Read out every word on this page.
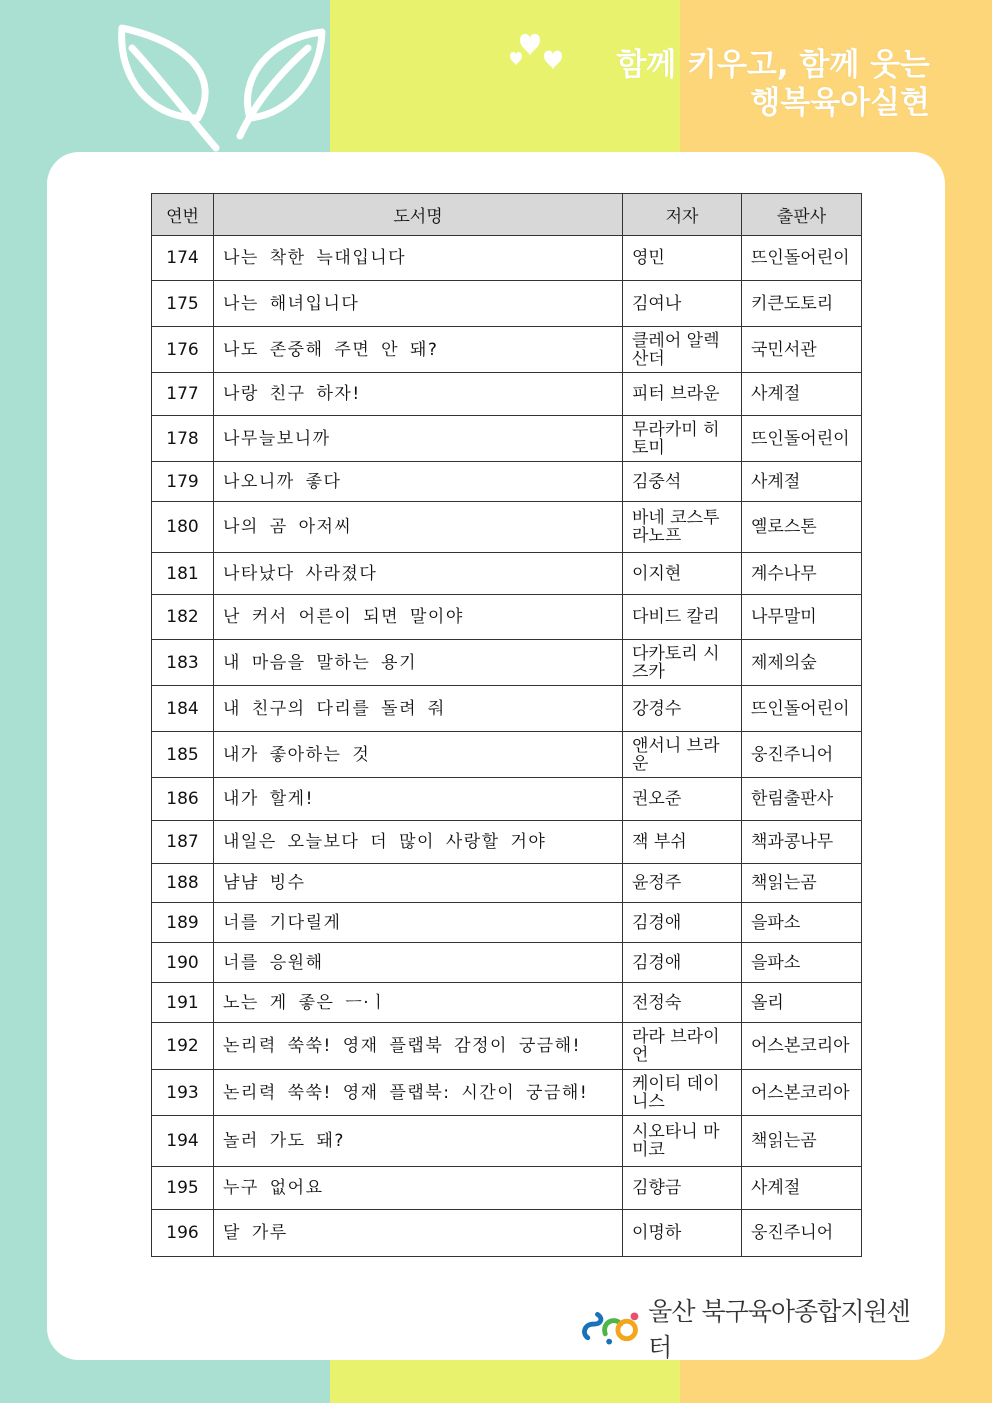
함께 키우고, 함께 웃는
행복육아실현
연번	도서명	저자	출판사
174	나는 착한 늑대입니다	영민	뜨인돌어린이
175	나는 해녀입니다	김여나	키큰도토리
176	나도 존중해 주면 안 돼?	클레어 알렉산더	국민서관
177	나랑 친구 하자!	피터 브라운	사계절
178	나무늘보니까	무라카미 히토미	뜨인돌어린이
179	나오니까 좋다	김중석	사계절
180	나의 곰 아저씨	바네 코스투라노프	옐로스톤
181	나타났다 사라졌다	이지현	계수나무
182	난 커서 어른이 되면 말이야	다비드 칼리	나무말미
183	내 마음을 말하는 용기	다카토리 시즈카	제제의숲
184	내 친구의 다리를 돌려 줘	강경수	뜨인돌어린이
185	내가 좋아하는 것	앤서니 브라운	웅진주니어
186	내가 할게!	권오준	한림출판사
187	내일은 오늘보다 더 많이 사랑할 거야	잭 부쉬	책과콩나무
188	냠냠 빙수	윤정주	책읽는곰
189	너를 기다릴게	김경애	을파소
190	너를 응원해	김경애	을파소
191	노는 게 좋은 ㅡ·ㅣ	전정숙	올리
192	논리력 쑥쑥! 영재 플랩북 감정이 궁금해!	라라 브라이언	어스본코리아
193	논리력 쑥쑥! 영재 플랩북: 시간이 궁금해!	케이티 데이니스	어스본코리아
194	놀러 가도 돼?	시오타니 마미코	책읽는곰
195	누구 없어요	김향금	사계절
196	달 가루	이명하	웅진주니어
울산 북구육아종합지원센터
